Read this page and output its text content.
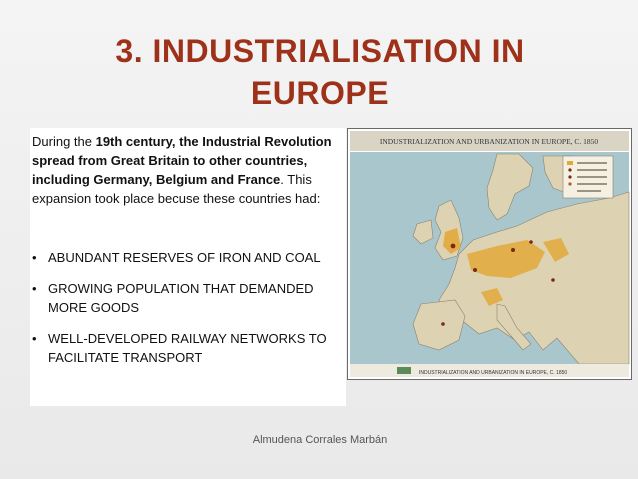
3. INDUSTRIALISATION IN
EUROPE
During the 19th century, the Industrial Revolution spread from Great Britain to other countries, including Germany, Belgium and France. This expansion took place becuse these countries had:
• ABUNDANT RESERVES OF IRON AND COAL
• GROWING POPULATION THAT DEMANDED MORE GOODS
• WELL-DEVELOPED RAILWAY NETWORKS TO FACILITATE TRANSPORT
INDUSTRIALIZATION AND URBANIZATION IN EUROPE, C. 1850
INDUSTRIALIZATION AND URBANIZATION IN EUROPE, C. 1850
Almudena Corrales Marbán
